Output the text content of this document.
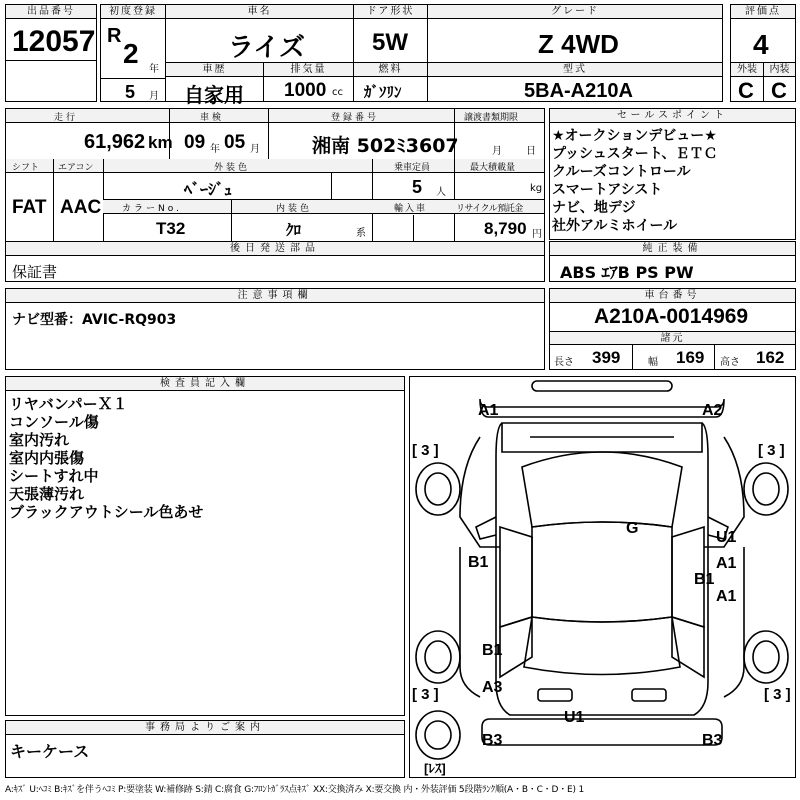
出品番号
12057
初度登録
R
2
年
5 月
車名
ライズ
ドア形状
5W
グレード
Z 4WD
評価点
4
車歴
自家用
排気量
1000 cc
燃料
ｶﾞｿﾘﾝ
型式
5BA-A210A
外装
C
内装
C
走行	車検	登録番号	譲渡書類期限
61,962 km 09 年 05 月	湘南 502ﾐ3607	月 日
シフト エアコン	外装色	乗車定員	最大積載量
FAT AAC
ﾍﾞｰｼﾞｭ	5 人	kg
カラーNo.	内装色	輸入車	リサイクル預託金
T32	ｸﾛ	系	8,790 円
後日発送部品
保証書
セールスポイント
★オークションデビュー★
プッシュスタート、ＥＴＣ
クルーズコントロール
スマートアシスト
ナビ、地デジ
社外アルミホイール
純正装備
ABS ｴｱB PS PW
注意事項欄
ナビ型番：AVIC-RQ903
車台番号
A210A-0014969
諸元
長さ 399	幅 169 高さ 162
検査員記入欄
リヤバンパーＸ１
コンソール傷
室内汚れ
室内内張傷
シートすれ中
天張薄汚れ
ブラックアウトシール色あせ
事務局よりご案内
キーケース
A1	A2
G
U1
A1
B1
B1
A1
B1
A3
U1
B3	B3
[ 3 ]	[ 3 ]
[ 3 ]	[ 3 ]
[ﾚｽ]
A:ｷｽﾞ U:ﾍｺﾐ B:ｷｽﾞを伴うﾍｺﾐ P:要塗装 W:補修跡 S:錆 C:腐食 G:ﾌﾛﾝﾄｶﾞﾗｽ点ｷｽﾞ XX:交換済み X:要交換 内・外装評価 5段階ﾗﾝｸ順(A・B・C・D・E) 1
